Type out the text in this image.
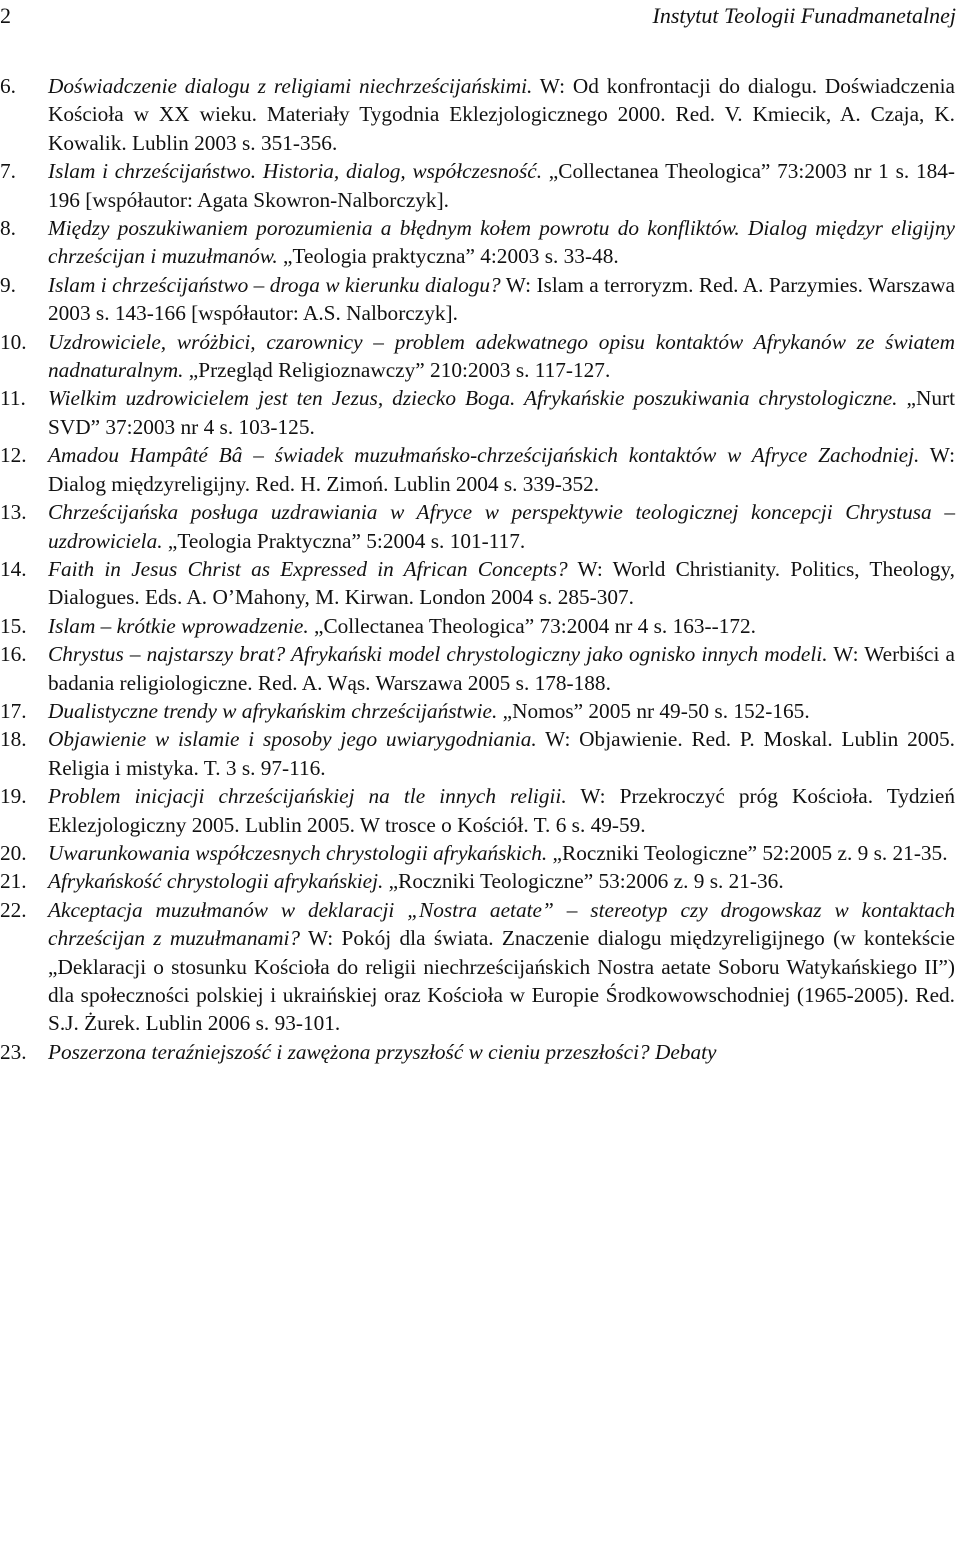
2	Instytut Teologii Funadmanetalnej
6.	Doświadczenie dialogu z religiami niechrześcijańskimi. W: Od konfrontacji do dialogu. Doświadczenia Kościoła w XX wieku. Materiały Tygodnia Eklezjologicznego 2000. Red. V. Kmiecik, A. Czaja, K. Kowalik. Lublin 2003 s. 351-356.
7.	Islam i chrześcijaństwo. Historia, dialog, współczesność. „Collectanea Theologica” 73:2003 nr 1 s. 184-196 [współautor: Agata Skowron-Nalborczyk].
8.	Między poszukiwaniem porozumienia a błędnym kołem powrotu do konfliktów. Dialog międzyr eligijny chrześcijan i muzułmanów. „Teologia praktyczna” 4:2003 s. 33-48.
9.	Islam i chrześcijaństwo – droga w kierunku dialogu? W: Islam a terroryzm. Red. A. Parzymies. Warszawa 2003 s. 143-166 [współautor: A.S. Nalborczyk].
10.	Uzdrowiciele, wróżbici, czarownicy – problem adekwatnego opisu kontaktów Afrykanów ze światem nadnaturalnym. „Przegląd Religioznawczy” 210:2003 s. 117-127.
11.	Wielkim uzdrowicielem jest ten Jezus, dziecko Boga. Afrykańskie poszukiwania chrystologiczne. „Nurt SVD” 37:2003 nr 4 s. 103-125.
12.	Amadou Hampâté Bâ – świadek muzułmańsko-chrześcijańskich kontaktów w Afryce Zachodniej. W: Dialog międzyreligijny. Red. H. Zimoń. Lublin 2004 s. 339-352.
13.	Chrześcijańska posługa uzdrawiania w Afryce w perspektywie teologicznej koncepcji Chrystusa – uzdrowiciela. „Teologia Praktyczna” 5:2004 s. 101-117.
14.	Faith in Jesus Christ as Expressed in African Concepts? W: World Christianity. Politics, Theology, Dialogues. Eds. A. O’Mahony, M. Kirwan. London 2004 s. 285-307.
15.	Islam – krótkie wprowadzenie. „Collectanea Theologica” 73:2004 nr 4 s. 163--172.
16.	Chrystus – najstarszy brat? Afrykański model chrystologiczny jako ognisko innych modeli. W: Werbiści a badania religiologiczne. Red. A. Wąs. Warszawa 2005 s. 178-188.
17.	Dualistyczne trendy w afrykańskim chrześcijaństwie. „Nomos” 2005 nr 49-50 s. 152-165.
18.	Objawienie w islamie i sposoby jego uwiarygodniania. W: Objawienie. Red. P. Moskal. Lublin 2005. Religia i mistyka. T. 3 s. 97-116.
19.	Problem inicjacji chrześcijańskiej na tle innych religii. W: Przekroczyć próg Kościoła. Tydzień Eklezjologiczny 2005. Lublin 2005. W trosce o Kościół. T. 6 s. 49-59.
20.	Uwarunkowania współczesnych chrystologii afrykańskich. „Roczniki Teologiczne” 52:2005 z. 9 s. 21-35.
21.	Afrykańskość chrystologii afrykańskiej. „Roczniki Teologiczne” 53:2006 z. 9 s. 21-36.
22.	Akceptacja muzułmanów w deklaracji „Nostra aetate” – stereotyp czy drogowskaz w kontaktach chrześcijan z muzułmanami? W: Pokój dla świata. Znaczenie dialogu międzyreligijnego (w kontekście „Deklaracji o stosunku Kościoła do religii niechrześcijańskich Nostra aetate Soboru Watykańskiego II”) dla społeczności polskiej i ukraińskiej oraz Kościoła w Europie Środkowowschodniej (1965-2005). Red. S.J. Żurek. Lublin 2006 s. 93-101.
23.	Poszerzona teraźniejszość i zawężona przyszłość w cieniu przeszłości? Debaty
